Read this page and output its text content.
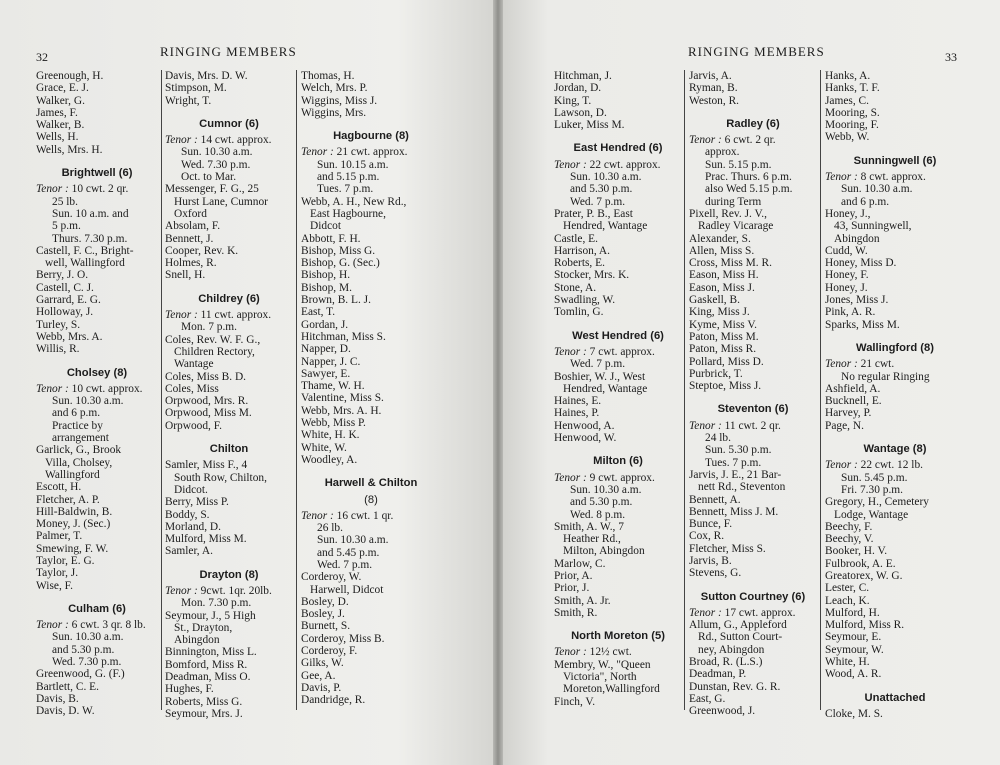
32	RINGING MEMBERS
Greenough, H.
Grace, E. J.
Walker, G.
James, F.
Walker, B.
Wells, H.
Wells, Mrs. H.
Brightwell (6)
Tenor : 10 cwt. 2 qr.
25 lb.
Sun. 10 a.m. and
5 p.m.
Thurs. 7.30 p.m.
Castell, F. C., Bright-
well, Wallingford
Berry, J. O.
Castell, C. J.
Garrard, E. G.
Holloway, J.
Turley, S.
Webb, Mrs. A.
Willis, R.
Cholsey (8)
Tenor : 10 cwt. approx.
Sun. 10.30 a.m.
and 6 p.m.
Practice by
arrangement
Garlick, G., Brook
Villa, Cholsey,
Wallingford
Escott, H.
Fletcher, A. P.
Hill-Baldwin, B.
Money, J. (Sec.)
Palmer, T.
Smewing, F. W.
Taylor, E. G.
Taylor, J.
Wise, F.
Culham (6)
Tenor : 6 cwt. 3 qr. 8 lb.
Sun. 10.30 a.m.
and 5.30 p.m.
Wed. 7.30 p.m.
Greenwood, G. (F.)
Bartlett, C. E.
Davis, B.
Davis, D. W.
Davis, Mrs. D. W.
Stimpson, M.
Wright, T.
Cumnor (6)
Tenor : 14 cwt. approx.
Sun. 10.30 a.m.
Wed. 7.30 p.m.
Oct. to Mar.
Messenger, F. G., 25
Hurst Lane, Cumnor
Oxford
Absolam, F.
Bennett, J.
Cooper, Rev. K.
Holmes, R.
Snell, H.
Childrey (6)
Tenor : 11 cwt. approx.
Mon. 7 p.m.
Coles, Rev. W. F. G.,
Children Rectory,
Wantage
Coles, Miss B. D.
Coles, Miss
Orpwood, Mrs. R.
Orpwood, Miss M.
Orpwood, F.
Chilton
Samler, Miss F., 4
South Row, Chilton,
Didcot.
Berry, Miss P.
Boddy, S.
Morland, D.
Mulford, Miss M.
Samler, A.
Drayton (8)
Tenor : 9cwt. 1qr. 20lb.
Mon. 7.30 p.m.
Seymour, J., 5 High
St., Drayton,
Abingdon
Binnington, Miss L.
Bomford, Miss R.
Deadman, Miss O.
Hughes, F.
Roberts, Miss G.
Seymour, Mrs. J.
Thomas, H.
Welch, Mrs. P.
Wiggins, Miss J.
Wiggins, Mrs.
Hagbourne (8)
Tenor : 21 cwt. approx.
Sun. 10.15 a.m.
and 5.15 p.m.
Tues. 7 p.m.
Webb, A. H., New Rd.,
East Hagbourne,
Didcot
Abbott, F. H.
Bishop, Miss G.
Bishop, G. (Sec.)
Bishop, H.
Bishop, M.
Brown, B. L. J.
East, T.
Gordan, J.
Hitchman, Miss S.
Napper, D.
Napper, J. C.
Sawyer, E.
Thame, W. H.
Valentine, Miss S.
Webb, Mrs. A. H.
Webb, Miss P.
White, H. K.
White, W.
Woodley, A.
Harwell & Chilton
(8)
Tenor : 16 cwt. 1 qr.
26 lb.
Sun. 10.30 a.m.
and 5.45 p.m.
Wed. 7 p.m.
Corderoy, W.
Harwell, Didcot
Bosley, D.
Bosley, J.
Burnett, S.
Corderoy, Miss B.
Corderoy, F.
Gilks, W.
Gee, A.
Davis, P.
Dandridge, R.
RINGING MEMBERS	33
Hitchman, J.
Jordan, D.
King, T.
Lawson, D.
Luker, Miss M.
East Hendred (6)
Tenor : 22 cwt. approx.
Sun. 10.30 a.m.
and 5.30 p.m.
Wed. 7 p.m.
Prater, P. B., East
Hendred, Wantage
Castle, E.
Harrison, A.
Roberts, E.
Stocker, Mrs. K.
Stone, A.
Swadling, W.
Tomlin, G.
West Hendred (6)
Tenor : 7 cwt. approx.
Wed. 7 p.m.
Boshier, W. J., West
Hendred, Wantage
Haines, E.
Haines, P.
Henwood, A.
Henwood, W.
Milton (6)
Tenor : 9 cwt. approx.
Sun. 10.30 a.m.
and 5.30 p.m.
Wed. 8 p.m.
Smith, A. W., 7
Heather Rd.,
Milton, Abingdon
Marlow, C.
Prior, A.
Prior, J.
Smith, A. Jr.
Smith, R.
North Moreton (5)
Tenor : 12½ cwt.
Membry, W., "Queen
Victoria", North
Moreton,Wallingford
Finch, V.
Jarvis, A.
Ryman, B.
Weston, R.
Radley (6)
Tenor : 6 cwt. 2 qr.
approx.
Sun. 5.15 p.m.
Prac. Thurs. 6 p.m.
also Wed 5.15 p.m.
during Term
Pixell, Rev. J. V.,
Radley Vicarage
Alexander, S.
Allen, Miss S.
Cross, Miss M. R.
Eason, Miss H.
Eason, Miss J.
Gaskell, B.
King, Miss J.
Kyme, Miss V.
Paton, Miss M.
Paton, Miss R.
Pollard, Miss D.
Purbrick, T.
Steptoe, Miss J.
Steventon (6)
Tenor : 11 cwt. 2 qr.
24 lb.
Sun. 5.30 p.m.
Tues. 7 p.m.
Jarvis, J. E., 21 Bar-
nett Rd., Steventon
Bennett, A.
Bennett, Miss J. M.
Bunce, F.
Cox, R.
Fletcher, Miss S.
Jarvis, B.
Stevens, G.
Sutton Courtney (6)
Tenor : 17 cwt. approx.
Allum, G., Appleford
Rd., Sutton Court-
ney, Abingdon
Broad, R. (L.S.)
Deadman, P.
Dunstan, Rev. G. R.
East, G.
Greenwood, J.
Hanks, A.
Hanks, T. F.
James, C.
Mooring, S.
Mooring, F.
Webb, W.
Sunningwell (6)
Tenor : 8 cwt. approx.
Sun. 10.30 a.m.
and 6 p.m.
Honey, J.,
43, Sunningwell,
Abingdon
Cudd, W.
Honey, Miss D.
Honey, F.
Honey, J.
Jones, Miss J.
Pink, A. R.
Sparks, Miss M.
Wallingford (8)
Tenor : 21 cwt.
No regular Ringing
Ashfield, A.
Bucknell, E.
Harvey, P.
Page, N.
Wantage (8)
Tenor : 22 cwt. 12 lb.
Sun. 5.45 p.m.
Fri. 7.30 p.m.
Gregory, H., Cemetery
Lodge, Wantage
Beechy, F.
Beechy, V.
Booker, H. V.
Fulbrook, A. E.
Greatorex, W. G.
Lester, C.
Leach, K.
Mulford, H.
Mulford, Miss R.
Seymour, E.
Seymour, W.
White, H.
Wood, A. R.
Unattached
Cloke, M. S.
